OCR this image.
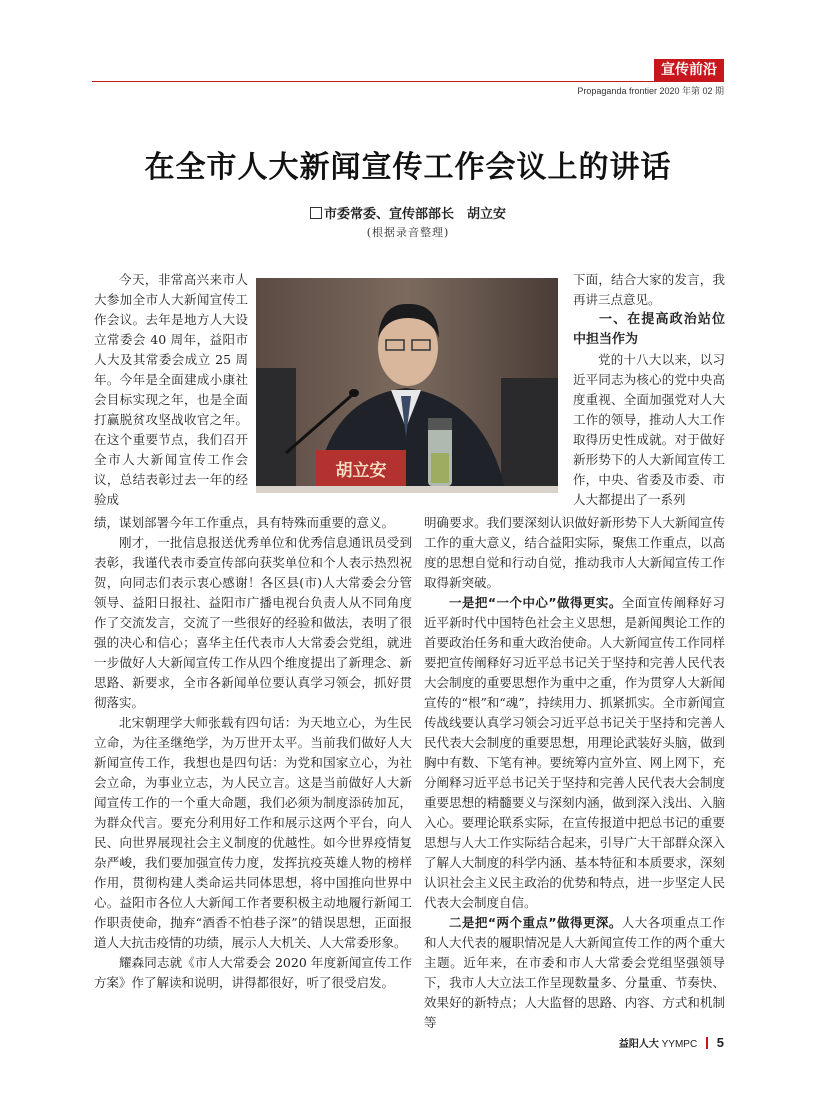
宣传前沿
Propaganda frontier 2020 年第 02 期
在全市人大新闻宣传工作会议上的讲话
市委常委、宣传部部长　胡立安
(根据录音整理)

今天，非常高兴来市人大参加全市人大新闻宣传工作会议。去年是地方人大设立常委会 40 周年，益阳市人大及其常委会成立 25 周年。今年是全面建成小康社会目标实现之年，也是全面打赢脱贫攻坚战收官之年。在这个重要节点，我们召开全市人大新闻宣传工作会议，总结表彰过去一年的经验成

绩，谋划部署今年工作重点，具有特殊而重要的意义。

刚才，一批信息报送优秀单位和优秀信息通讯员受到表彰，我谨代表市委宣传部向获奖单位和个人表示热烈祝贺，向同志们表示衷心感谢！各区县(市)人大常委会分管领导、益阳日报社、益阳市广播电视台负责人从不同角度作了交流发言，交流了一些很好的经验和做法，表明了很强的决心和信心；喜华主任代表市人大常委会党组，就进一步做好人大新闻宣传工作从四个维度提出了新理念、新思路、新要求，全市各新闻单位要认真学习领会，抓好贯彻落实。

北宋朝理学大师张载有四句话：为天地立心，为生民立命，为往圣继绝学，为万世开太平。当前我们做好人大新闻宣传工作，我想也是四句话：为党和国家立心，为社会立命，为事业立志，为人民立言。这是当前做好人大新闻宣传工作的一个重大命题，我们必须为制度添砖加瓦，为群众代言。要充分利用好工作和展示这两个平台，向人民、向世界展现社会主义制度的优越性。如今世界疫情复杂严峻，我们要加强宣传力度，发挥抗疫英雄人物的榜样作用，贯彻构建人类命运共同体思想，将中国推向世界中心。益阳市各位人大新闻工作者要积极主动地履行新闻工作职责使命，抛弃“酒香不怕巷子深”的错误思想，正面报道人大抗击疫情的功绩，展示人大机关、人大常委形象。

耀森同志就《市人大常委会 2020 年度新闻宣传工作方案》作了解读和说明，讲得都很好，听了很受启发。

胡立安

下面，结合大家的发言，我再讲三点意见。

一、在提高政治站位中担当作为

党的十八大以来，以习近平同志为核心的党中央高度重视、全面加强党对人大工作的领导，推动人大工作取得历史性成就。对于做好新形势下的人大新闻宣传工作，中央、省委及市委、市人大都提出了一系列

明确要求。我们要深刻认识做好新形势下人大新闻宣传工作的重大意义，结合益阳实际，聚焦工作重点，以高度的思想自觉和行动自觉，推动我市人大新闻宣传工作取得新突破。

一是把“一个中心”做得更实。全面宣传阐释好习近平新时代中国特色社会主义思想，是新闻舆论工作的首要政治任务和重大政治使命。人大新闻宣传工作同样要把宣传阐释好习近平总书记关于坚持和完善人民代表大会制度的重要思想作为重中之重，作为贯穿人大新闻宣传的“根”和“魂”，持续用力、抓紧抓实。全市新闻宣传战线要认真学习领会习近平总书记关于坚持和完善人民代表大会制度的重要思想，用理论武装好头脑，做到胸中有数、下笔有神。要统筹内宣外宣、网上网下，充分阐释习近平总书记关于坚持和完善人民代表大会制度重要思想的精髓要义与深刻内涵，做到深入浅出、入脑入心。要理论联系实际，在宣传报道中把总书记的重要思想与人大工作实际结合起来，引导广大干部群众深入了解人大制度的科学内涵、基本特征和本质要求，深刻认识社会主义民主政治的优势和特点，进一步坚定人民代表大会制度自信。

二是把“两个重点”做得更深。人大各项重点工作和人大代表的履职情况是人大新闻宣传工作的两个重大主题。近年来，在市委和市人大常委会党组坚强领导下，我市人大立法工作呈现数量多、分量重、节奏快、效果好的新特点；人大监督的思路、内容、方式和机制等

益阳人大 YYMPC 5
